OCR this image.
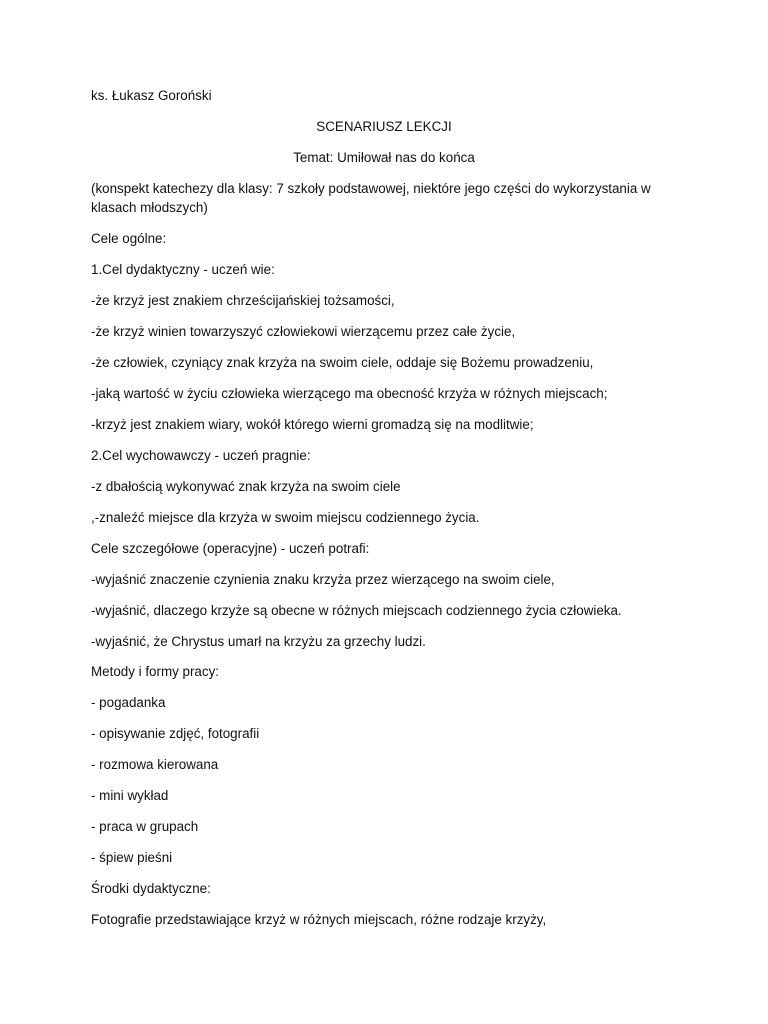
ks. Łukasz Goroński
SCENARIUSZ LEKCJI
Temat: Umiłował nas do końca
(konspekt katechezy dla klasy: 7 szkoły podstawowej, niektóre jego części do wykorzystania w klasach młodszych)
Cele ogólne:
1.Cel dydaktyczny - uczeń wie:
-że krzyż jest znakiem chrześcijańskiej tożsamości,
-że krzyż winien towarzyszyć człowiekowi wierzącemu przez całe życie,
-że człowiek, czyniący znak krzyża na swoim ciele, oddaje się Bożemu prowadzeniu,
-jaką wartość w życiu człowieka wierzącego ma obecność krzyża w różnych miejscach;
-krzyż jest znakiem wiary, wokół którego wierni gromadzą się na modlitwie;
2.Cel wychowawczy - uczeń pragnie:
-z dbałością wykonywać znak krzyża na swoim ciele
,-znaleźć miejsce dla krzyża w swoim miejscu codziennego życia.
Cele szczegółowe (operacyjne) - uczeń potrafi:
-wyjaśnić znaczenie czynienia znaku krzyża przez wierzącego na swoim ciele,
-wyjaśnić, dlaczego krzyże są obecne w różnych miejscach codziennego życia człowieka.
-wyjaśnić, że Chrystus umarł na krzyżu za grzechy ludzi.
Metody i formy pracy:
- pogadanka
- opisywanie zdjęć, fotografii
- rozmowa kierowana
- mini wykład
- praca w grupach
- śpiew pieśni
Środki dydaktyczne:
Fotografie przedstawiające krzyż w różnych miejscach, różne rodzaje krzyży,
